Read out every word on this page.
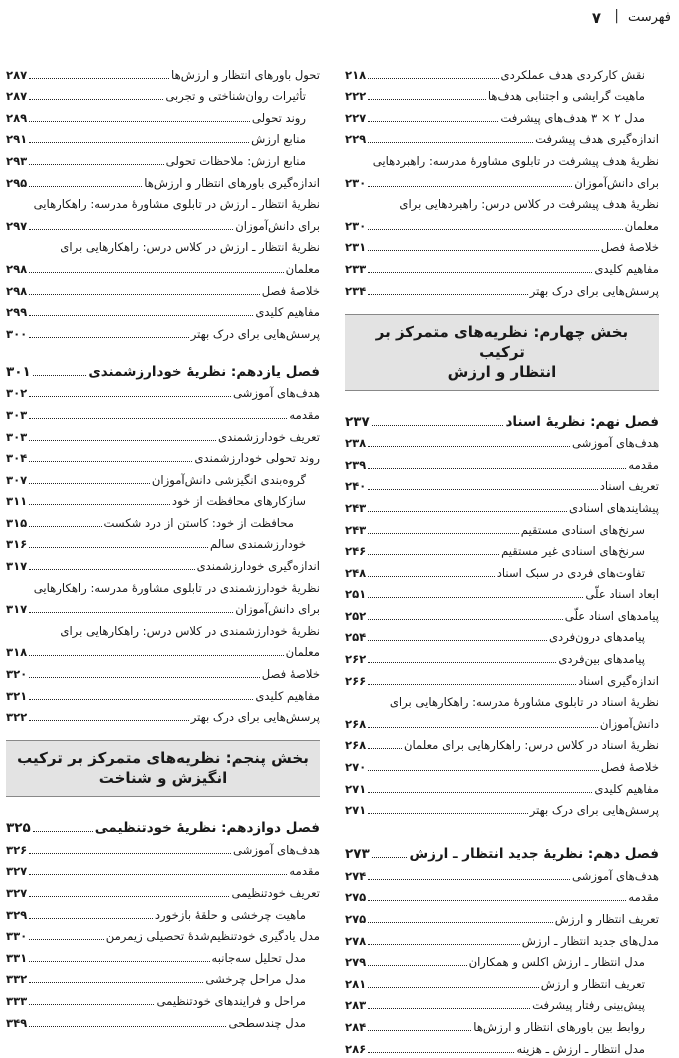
فهرست
|
۷
نقش کارکردی هدف عملکردی
۲۱۸
ماهیت گرایشی و اجتنابی هدف‌ها
۲۲۲
مدل ۲ × ۳ هدف‌های پیشرفت
۲۲۷
اندازه‌گیری هدف پیشرفت
۲۲۹
نظریهٔ هدف پیشرفت در تابلوی مشاورهٔ مدرسه: راهبردهایی
برای دانش‌آموزان
۲۳۰
نظریهٔ هدف پیشرفت در کلاس درس: راهبردهایی برای
معلمان
۲۳۰
خلاصهٔ فصل
۲۳۱
مفاهیم کلیدی
۲۳۳
پرسش‌هایی برای درک بهتر
۲۳۴
بخش چهارم: نظریه‌های متمرکز بر ترکیب
انتظار و ارزش
فصل نهم: نظریهٔ اسناد
۲۳۷
هدف‌های آموزشی
۲۳۸
مقدمه
۲۳۹
تعریف اسناد
۲۴۰
پیشایندهای اسنادی
۲۴۳
سرنخ‌های اسنادی مستقیم
۲۴۳
سرنخ‌های اسنادی غیر مستقیم
۲۴۶
تفاوت‌های فردی در سبک اسناد
۲۴۸
ابعاد اسناد علّی
۲۵۱
پیامدهای اسناد علّی
۲۵۲
پیامدهای درون‌فردی
۲۵۴
پیامدهای بین‌فردی
۲۶۲
اندازه‌گیری اسناد
۲۶۶
نظریهٔ اسناد در تابلوی مشاورهٔ مدرسه: راهکارهایی برای
دانش‌آموزان
۲۶۸
نظریهٔ اسناد در کلاس درس: راهکارهایی برای معلمان
۲۶۸
خلاصهٔ فصل
۲۷۰
مفاهیم کلیدی
۲۷۱
پرسش‌هایی برای درک بهتر
۲۷۱
فصل دهم: نظریهٔ جدید انتظار ـ ارزش
۲۷۳
هدف‌های آموزشی
۲۷۴
مقدمه
۲۷۵
تعریف انتظار و ارزش
۲۷۵
مدل‌های جدید انتظار ـ ارزش
۲۷۸
مدل انتظار ـ ارزش اکلس و همکاران
۲۷۹
تعریف انتظار و ارزش
۲۸۱
پیش‌بینی رفتار پیشرفت
۲۸۳
روابط بین باورهای انتظار و ارزش‌ها
۲۸۴
مدل انتظار ـ ارزش ـ هزینه
۲۸۶
تحول باورهای انتظار و ارزش‌ها
۲۸۷
تأثیرات روان‌شناختی و تجربی
۲۸۷
روند تحولی
۲۸۹
منابع ارزش
۲۹۱
منابع ارزش: ملاحظات تحولی
۲۹۳
اندازه‌گیری باورهای انتظار و ارزش‌ها
۲۹۵
نظریهٔ انتظار ـ ارزش در تابلوی مشاورهٔ مدرسه: راهکارهایی
برای دانش‌آموزان
۲۹۷
نظریهٔ انتظار ـ ارزش در کلاس درس: راهکارهایی برای
معلمان
۲۹۸
خلاصهٔ فصل
۲۹۸
مفاهیم کلیدی
۲۹۹
پرسش‌هایی برای درک بهتر
۳۰۰
فصل یازدهم: نظریهٔ خودارزشمندی
۳۰۱
هدف‌های آموزشی
۳۰۲
مقدمه
۳۰۳
تعریف خودارزشمندی
۳۰۳
روند تحولی خودارزشمندی
۳۰۴
گروه‌بندی انگیزشی دانش‌آموزان
۳۰۷
سازکارهای محافظت از خود
۳۱۱
محافظت از خود: کاستن از درد شکست
۳۱۵
خودارزشمندی سالم
۳۱۶
اندازه‌گیری خودارزشمندی
۳۱۷
نظریهٔ خودارزشمندی در تابلوی مشاورهٔ مدرسه: راهکارهایی
برای دانش‌آموزان
۳۱۷
نظریهٔ خودارزشمندی در کلاس درس: راهکارهایی برای
معلمان
۳۱۸
خلاصهٔ فصل
۳۲۰
مفاهیم کلیدی
۳۲۱
پرسش‌هایی برای درک بهتر
۳۲۲
بخش پنجم: نظریه‌های متمرکز بر ترکیب
انگیزش و شناخت
فصل دوازدهم: نظریهٔ خودتنظیمی
۳۲۵
هدف‌های آموزشی
۳۲۶
مقدمه
۳۲۷
تعریف خودتنظیمی
۳۲۷
ماهیت چرخشی و حلقهٔ بازخورد
۳۲۹
مدل یادگیری خودتنظیم‌شدهٔ تحصیلی زیمرمن
۳۳۰
مدل تحلیل سه‌جانبه
۳۳۱
مدل مراحل چرخشی
۳۳۲
مراحل و فرایندهای خودتنظیمی
۳۳۳
مدل چندسطحی
۳۴۹
